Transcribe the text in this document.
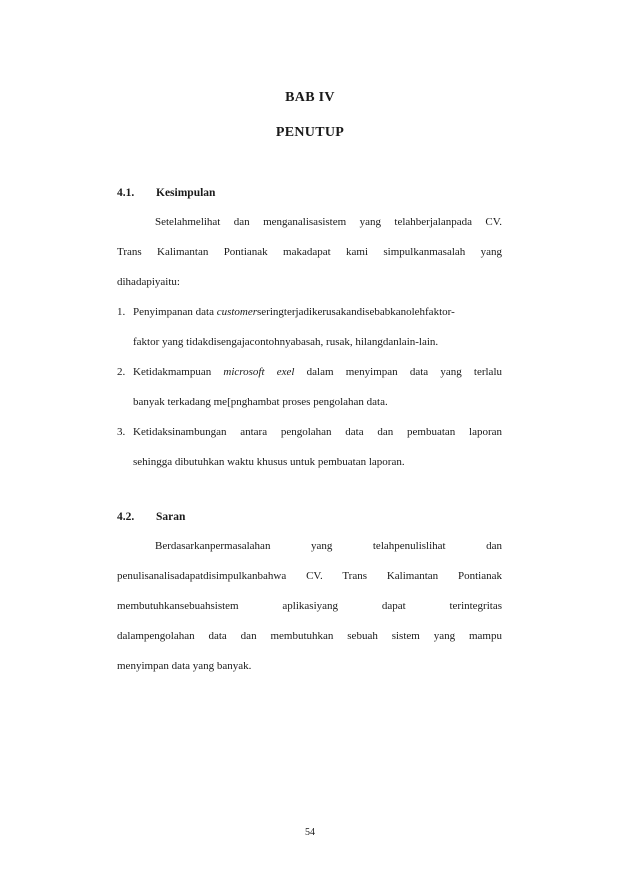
BAB IV
PENUTUP
4.1. Kesimpulan
Setelahmelihat dan menganalisasistem yang telahberjalanpada CV.
Trans Kalimantan Pontianak makadapat kami simpulkanmasalah yang
dihadapiyaitu:
1. Penyimpanan data customerseringterjadikerusakandisebabkanolehfaktor-
faktor yang tidakdisengajacontohnyabasah, rusak, hilangdanlain-lain.
2. Ketidakmampuan microsoft exel dalam menyimpan data yang terlalu
banyak terkadang me[pnghambat proses pengolahan data.
3. Ketidaksinambungan antara pengolahan data dan pembuatan laporan
sehingga dibutuhkan waktu khusus untuk pembuatan laporan.
4.2. Saran
Berdasarkanpermasalahan yang telahpenulislihat dan
penulisanalisadapatdisimpulkanbahwa CV. Trans Kalimantan Pontianak
membutuhkansebuahsistem aplikasiyang dapat terintegritas
dalampengolahan data dan membutuhkan sebuah sistem yang mampu
menyimpan data yang banyak.
54
